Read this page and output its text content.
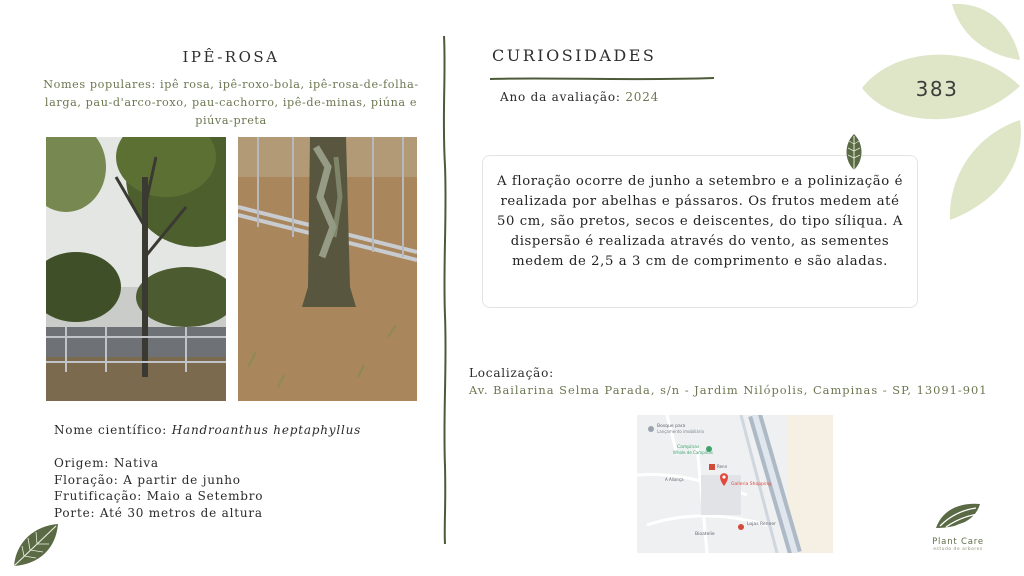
IPÊ-ROSA
Nomes populares: ipê rosa, ipê-roxo-bola, ipê-rosa-de-folha-larga, pau-d'arco-roxo, pau-cachorro, ipê-de-minas, piúna e piúva-preta
Nome científico: Handroanthus heptaphyllus
Origem: Nativa
Floração: A partir de junho
Frutificação: Maio a Setembro
Porte: Até 30 metros de altura
CURIOSIDADES
Ano da avaliação: 2024
A floração ocorre de junho a setembro e a polinização é realizada por abelhas e pássaros. Os frutos medem até 50 cm, são pretos, secos e deiscentes, do tipo síliqua. A dispersão é realizada através do vento, as sementes medem de 2,5 a 3 cm de comprimento e são aladas.
Localização:
Av. Bailarina Selma Parada, s/n - Jardim Nilópolis, Campinas - SP, 13091-901
Bosque para
Lançamento imobiliário
Campinas
Whole de Campinas
Renn
Galleria Shopping
A Aliança
Lojas Renner
Bioatelie
383
Plant Care
estudo de arbores
